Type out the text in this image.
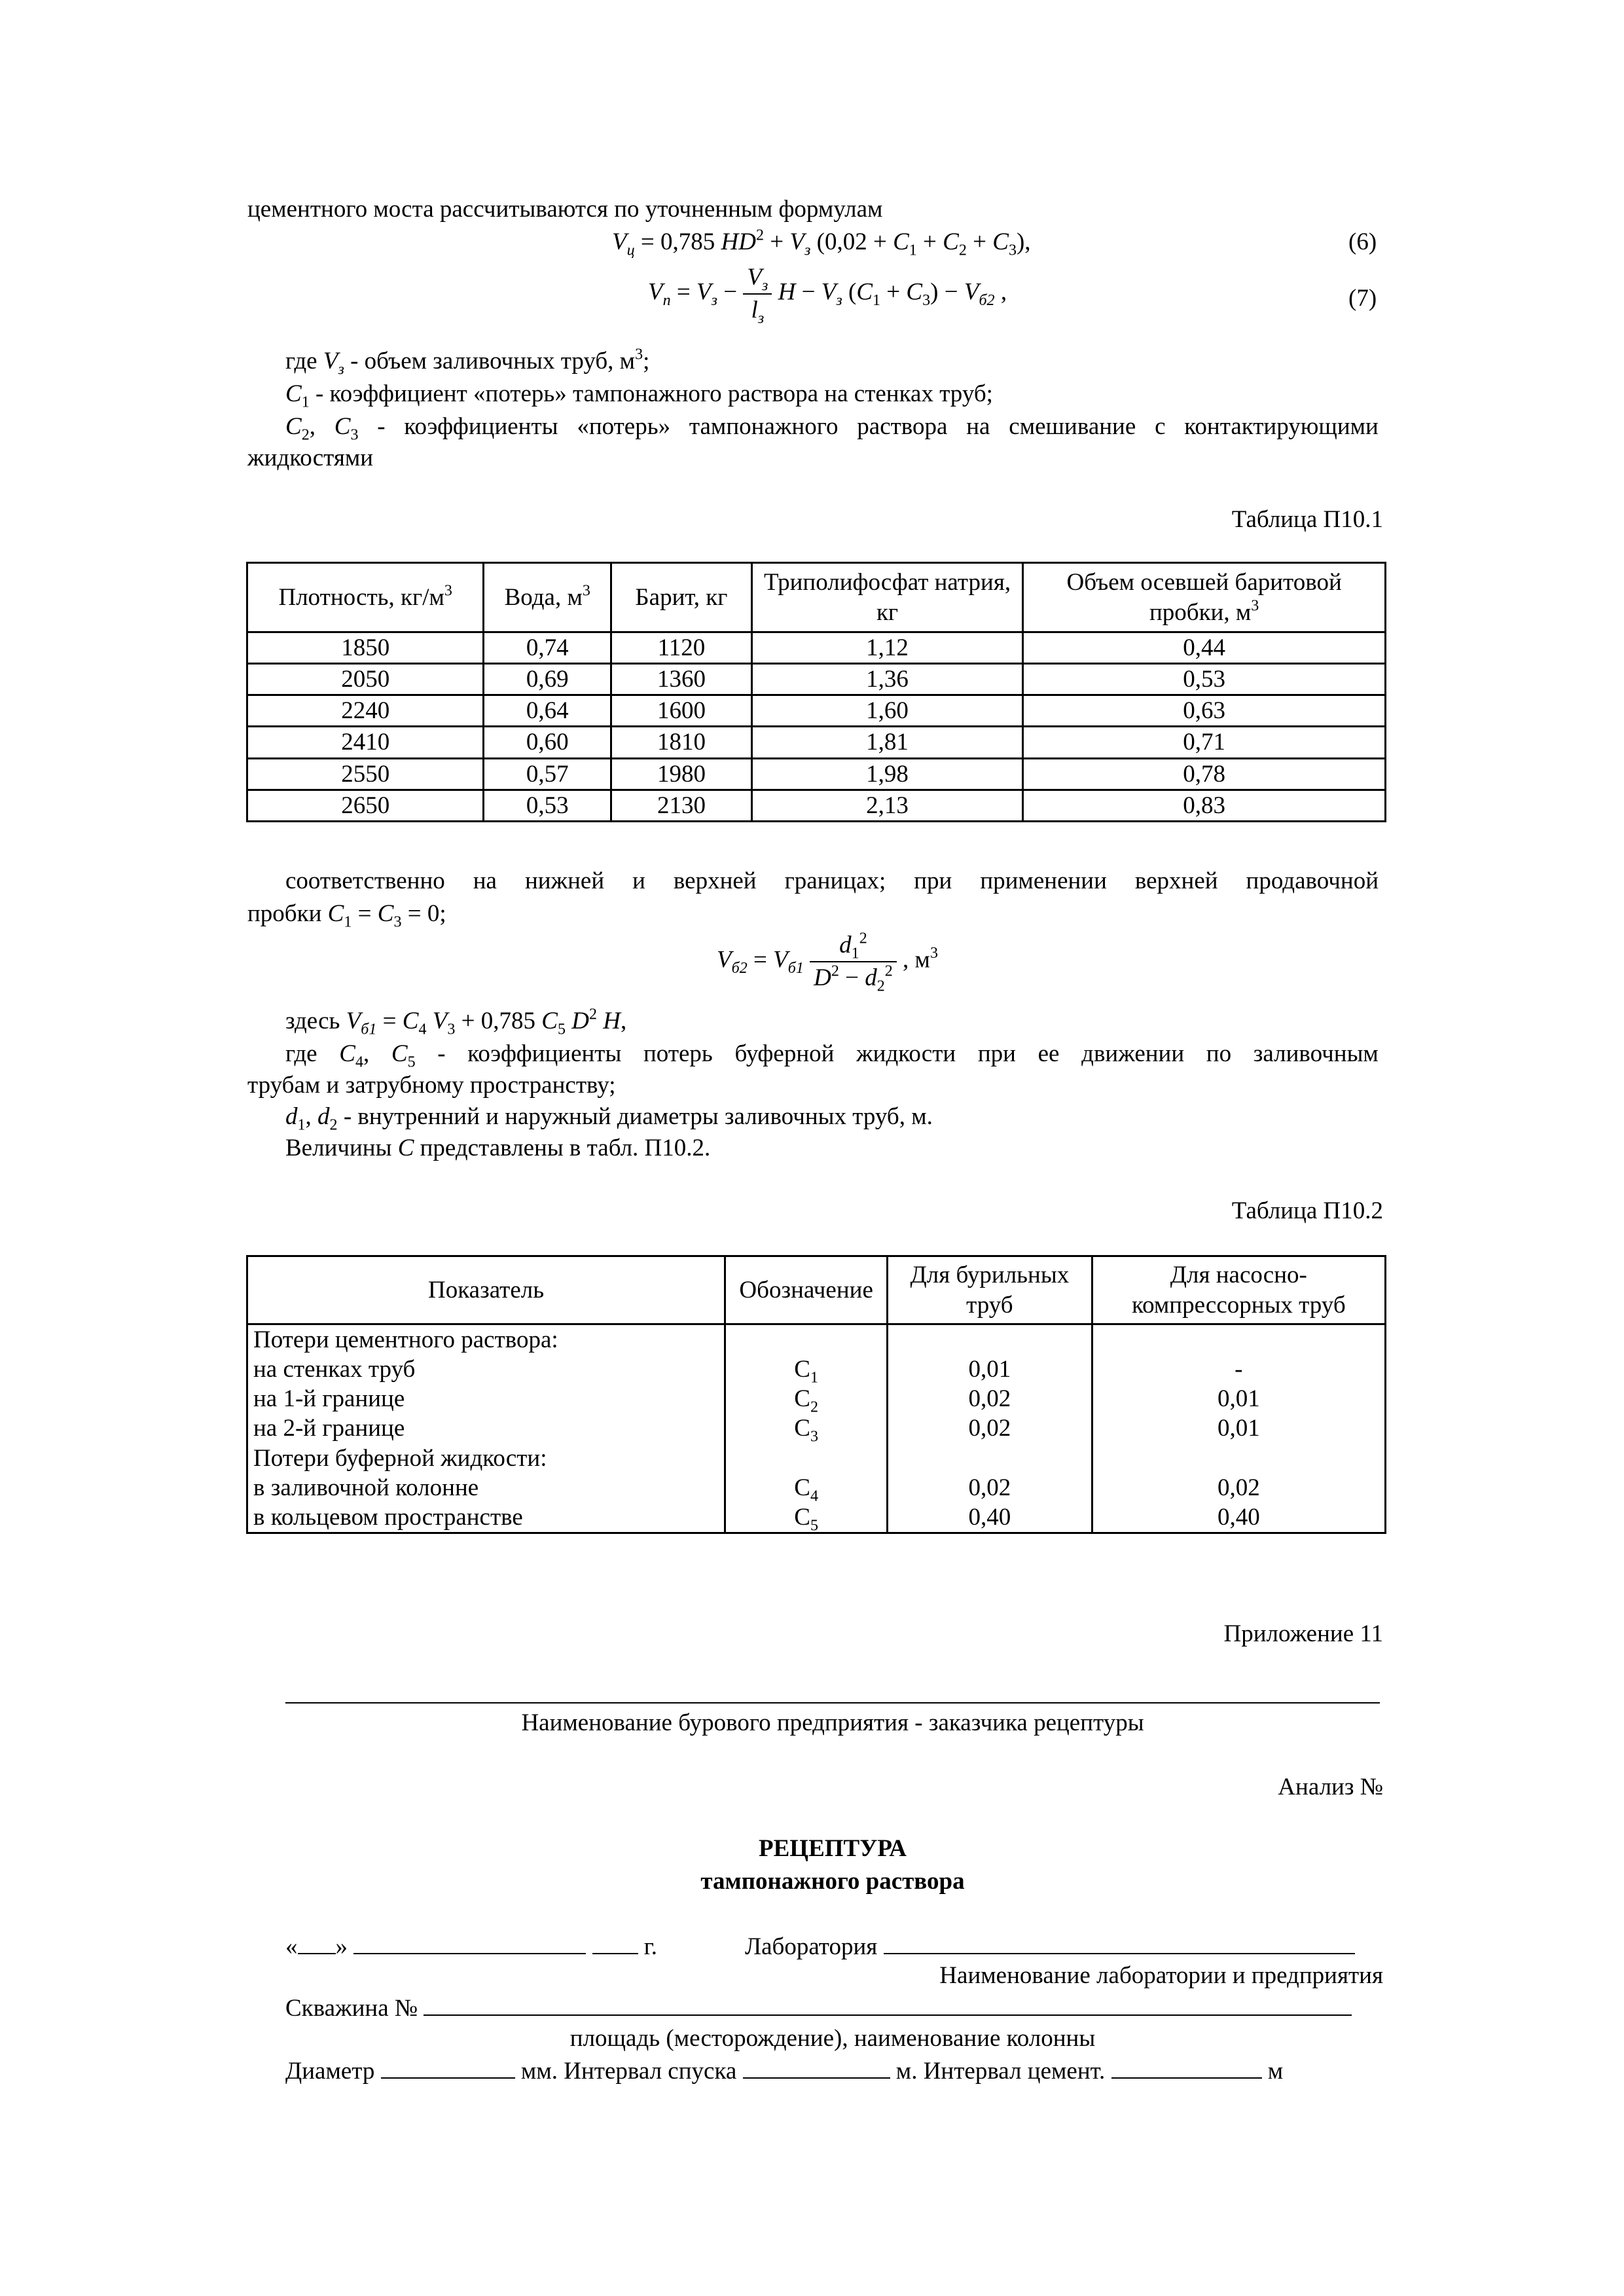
цементного моста рассчитываются по уточненным формулам
$V_ц = 0,785$ $HD^2 + V_з$ $(0,02 + C_1 + C_2 + C_3)$,	(6)
$V_п = V_з - \frac{V_з}{l_з}$ $H - V_з$ $(C_1 + C_3) - V_{б2}$ ,	(7)
где $V_з$ - объем заливочных труб, $м^3$;
$C_1$ - коэффициент «потерь» тампонажного раствора на стенках труб;
$C_2$, $C_3$ - коэффициенты «потерь» тампонажного раствора на смешивание с контактирующими
жидкостями
Таблица П10.1
Плотность, $кг/м^3$	Вода, $м^3$	Барит, кг	Триполифосфат натрия, кг	Объем осевшей баритовой пробки, $м^3$
1850	0,74	1120	1,12	0,44
2050	0,69	1360	1,36	0,53
2240	0,64	1600	1,60	0,63
2410	0,60	1810	1,81	0,71
2550	0,57	1980	1,98	0,78
2650	0,53	2130	2,13	0,83
соответственно на нижней и верхней границах; при применении верхней продавочной
пробки $C_1 = C_3 = 0$;
$V_{б2} = V_{б1} \frac{d_1^2}{D^2 - d_2^2}$ , $м^3$
здесь $V_{б1} = C_4$ $V_3 + 0,785$ $C_5$ $D^2$ H,
где $C_4$, $C_5$ - коэффициенты потерь буферной жидкости при ее движении по заливочным
трубам и затрубному пространству;
$d_1$, $d_2$ - внутренний и наружный диаметры заливочных труб, м.
Величины C представлены в табл. П10.2.
Таблица П10.2
Показатель	Обозначение	Для бурильных труб	Для насосно-компрессорных труб
Потери цементного раствора:			
на стенках труб	$C_1$	0,01	-
на 1-й границе	$C_2$	0,02	0,01
на 2-й границе	$C_3$	0,02	0,01
Потери буферной жидкости:			
в заливочной колонне	$C_4$	0,02	0,02
в кольцевом пространстве	$C_5$	0,40	0,40
Приложение 11
Наименование бурового предприятия - заказчика рецептуры
Анализ №
РЕЦЕПТУРА
тампонажного раствора
« »	г.	Лаборатория
Наименование лаборатории и предприятия
Скважина №
площадь (месторождение), наименование колонны
Диаметр	мм. Интервал спуска	м. Интервал цемент.	м
